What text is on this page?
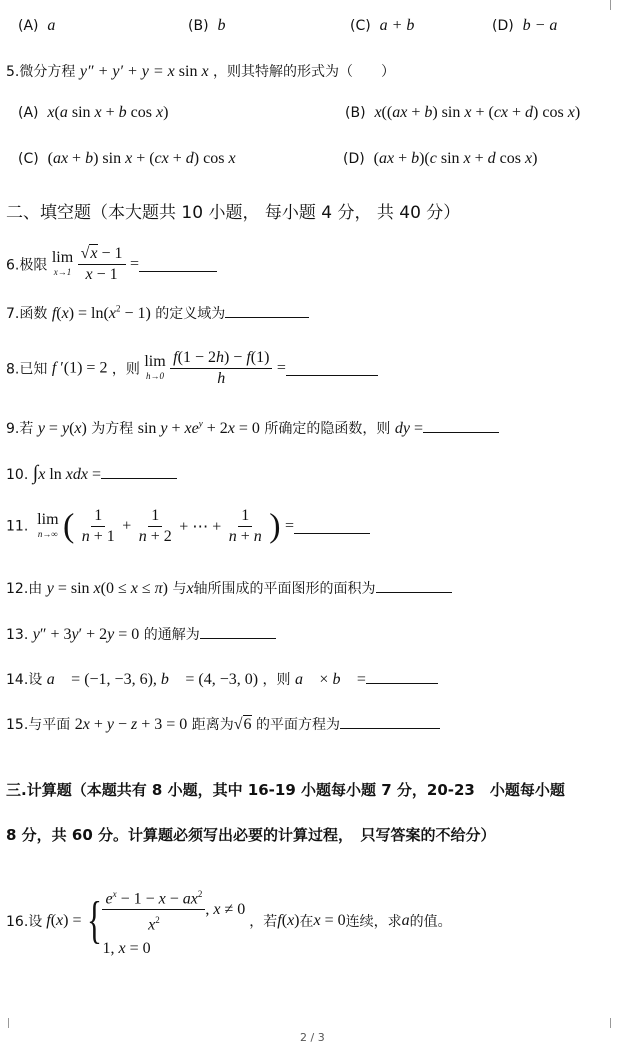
(A) a	(B) b	(C) a + b	(D) b − a
5.微分方程 y″ + y′ + y = x sin x ，则其特解的形式为（　　）
(A) x(a sin x + b cos x)	(B) x((ax + b) sin x + (cx + d) cos x)
(C) (ax + b) sin x + (cx + d) cos x	(D) (ax + b)(c sin x + d cos x)
二、填空题（本大题共 10 小题， 每小题 4 分， 共 40 分）
6.极限 lim
x→1
$\frac{√x - 1}{x - 1}$ =
7.函数 $f(x) = \ln(x^2 - 1)$ 的定义域为
8.已知 f ′(1) = 2 ，则 lim
h→0
$\frac{f(1 - 2h) - f(1)}{h}$ =
9.若 y = y(x) 为方程 $\sin y + xe^y + 2x = 0$ 所确定的隐函数，则 dy =
10. ∫x ln xdx =
11. lim
n→∞ ( $\frac{1}{n + 1} + \frac{1}{n + 2}$ + ⋯ + $\frac{1}{n + n}$ ) =
12.由 y = sin x(0 ≤ x ≤ π) 与x轴所围成的平面图形的面积为
13. y″ + 3y′ + 2y = 0 的通解为
14.设 a⃗ = (−1, −3, 6), b⃗ = (4, −3, 0) ，则 a⃗ × b⃗ =
15.与平面 2x + y − z + 3 = 0 距离为√6 的平面方程为
三.计算题（本题共有 8 小题，其中 16-19 小题每小题 7 分，20-23　小题每小题
8 分，共 60 分。计算题必须写出必要的计算过程，　只写答案的不给分）
16.设 f(x) = { $\frac{e^x - 1 - x - ax^2}{x^2}$ , x ≠ 0
1, x = 0
，若 f(x) 在 x = 0 连续，求 a 的值。
2 / 3
